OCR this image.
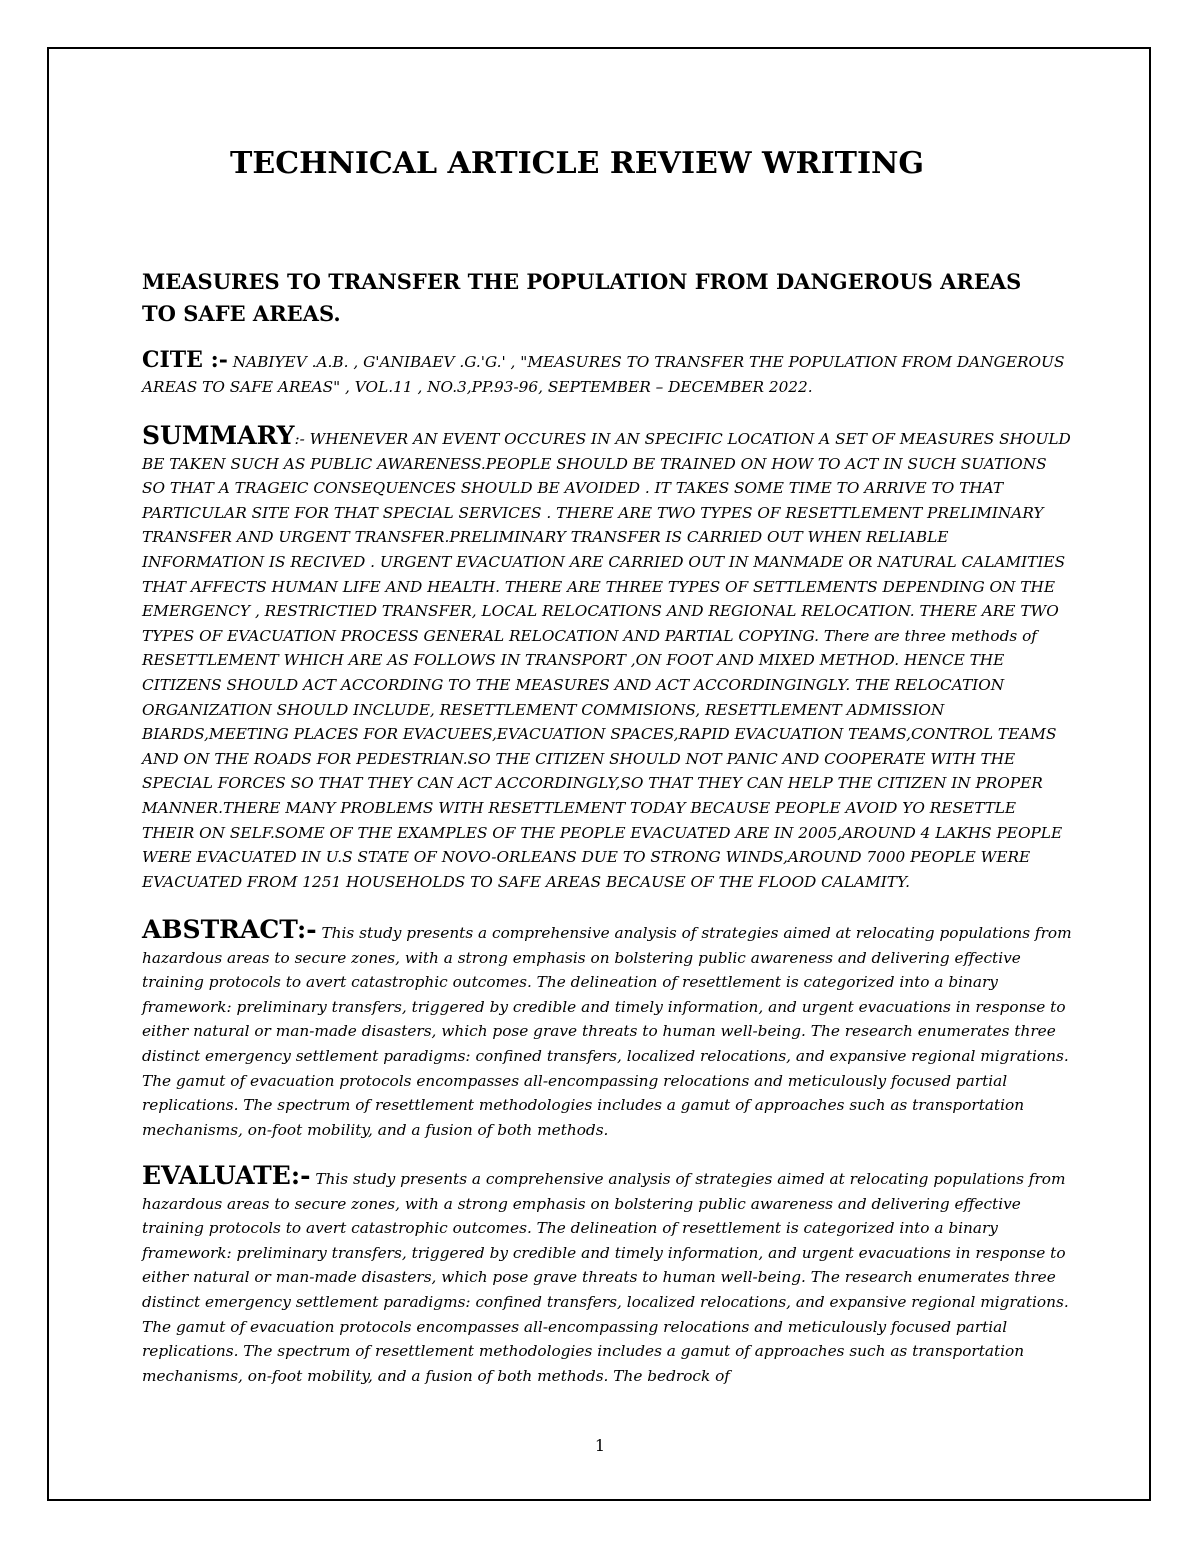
TECHNICAL ARTICLE REVIEW WRITING
MEASURES TO TRANSFER THE POPULATION FROM DANGEROUS AREAS TO SAFE AREAS.
CITE :- NABIYEV .A.B. , G'ANIBAEV .G.'G.' , "MEASURES TO TRANSFER THE POPULATION FROM DANGEROUS AREAS TO SAFE AREAS" , VOL.11 , NO.3,PP.93-96, SEPTEMBER – DECEMBER 2022.
SUMMARY:- WHENEVER AN EVENT OCCURES IN AN SPECIFIC LOCATION A SET OF MEASURES SHOULD BE TAKEN SUCH AS PUBLIC AWARENESS.PEOPLE SHOULD BE TRAINED ON HOW TO ACT IN SUCH SUATIONS SO THAT A TRAGEIC CONSEQUENCES SHOULD BE AVOIDED . IT TAKES SOME TIME TO ARRIVE TO THAT PARTICULAR SITE FOR THAT SPECIAL SERVICES . THERE ARE TWO TYPES OF RESETTLEMENT PRELIMINARY TRANSFER AND URGENT TRANSFER.PRELIMINARY TRANSFER IS CARRIED OUT WHEN RELIABLE INFORMATION IS RECIVED . URGENT EVACUATION ARE CARRIED OUT IN MANMADE OR NATURAL CALAMITIES THAT AFFECTS HUMAN LIFE AND HEALTH. THERE ARE THREE TYPES OF SETTLEMENTS DEPENDING ON THE EMERGENCY , RESTRICTIED TRANSFER, LOCAL RELOCATIONS AND REGIONAL RELOCATION. THERE ARE TWO TYPES OF EVACUATION PROCESS GENERAL RELOCATION AND PARTIAL COPYING. There are three methods of RESETTLEMENT WHICH ARE AS FOLLOWS IN TRANSPORT ,ON FOOT AND MIXED METHOD. HENCE THE CITIZENS SHOULD ACT ACCORDING TO THE MEASURES AND ACT ACCORDINGINGLY. THE RELOCATION ORGANIZATION SHOULD INCLUDE, RESETTLEMENT COMMISIONS, RESETTLEMENT ADMISSION BIARDS,MEETING PLACES FOR EVACUEES,EVACUATION SPACES,RAPID EVACUATION TEAMS,CONTROL TEAMS AND ON THE ROADS FOR PEDESTRIAN.SO THE CITIZEN SHOULD NOT PANIC AND COOPERATE WITH THE SPECIAL FORCES SO THAT THEY CAN ACT ACCORDINGLY,SO THAT THEY CAN HELP THE CITIZEN IN PROPER MANNER.THERE MANY PROBLEMS WITH RESETTLEMENT TODAY BECAUSE PEOPLE AVOID YO RESETTLE THEIR ON SELF.SOME OF THE EXAMPLES OF THE PEOPLE EVACUATED ARE IN 2005,AROUND 4 LAKHS PEOPLE WERE EVACUATED IN U.S STATE OF NOVO-ORLEANS DUE TO STRONG WINDS,AROUND 7000 PEOPLE WERE EVACUATED FROM 1251 HOUSEHOLDS TO SAFE AREAS BECAUSE OF THE FLOOD CALAMITY.
ABSTRACT:- This study presents a comprehensive analysis of strategies aimed at relocating populations from hazardous areas to secure zones, with a strong emphasis on bolstering public awareness and delivering effective training protocols to avert catastrophic outcomes. The delineation of resettlement is categorized into a binary framework: preliminary transfers, triggered by credible and timely information, and urgent evacuations in response to either natural or man-made disasters, which pose grave threats to human well-being. The research enumerates three distinct emergency settlement paradigms: confined transfers, localized relocations, and expansive regional migrations. The gamut of evacuation protocols encompasses all-encompassing relocations and meticulously focused partial replications. The spectrum of resettlement methodologies includes a gamut of approaches such as transportation mechanisms, on-foot mobility, and a fusion of both methods.
EVALUATE:- This study presents a comprehensive analysis of strategies aimed at relocating populations from hazardous areas to secure zones, with a strong emphasis on bolstering public awareness and delivering effective training protocols to avert catastrophic outcomes. The delineation of resettlement is categorized into a binary framework: preliminary transfers, triggered by credible and timely information, and urgent evacuations in response to either natural or man-made disasters, which pose grave threats to human well-being. The research enumerates three distinct emergency settlement paradigms: confined transfers, localized relocations, and expansive regional migrations. The gamut of evacuation protocols encompasses all-encompassing relocations and meticulously focused partial replications. The spectrum of resettlement methodologies includes a gamut of approaches such as transportation mechanisms, on-foot mobility, and a fusion of both methods. The bedrock of
1
